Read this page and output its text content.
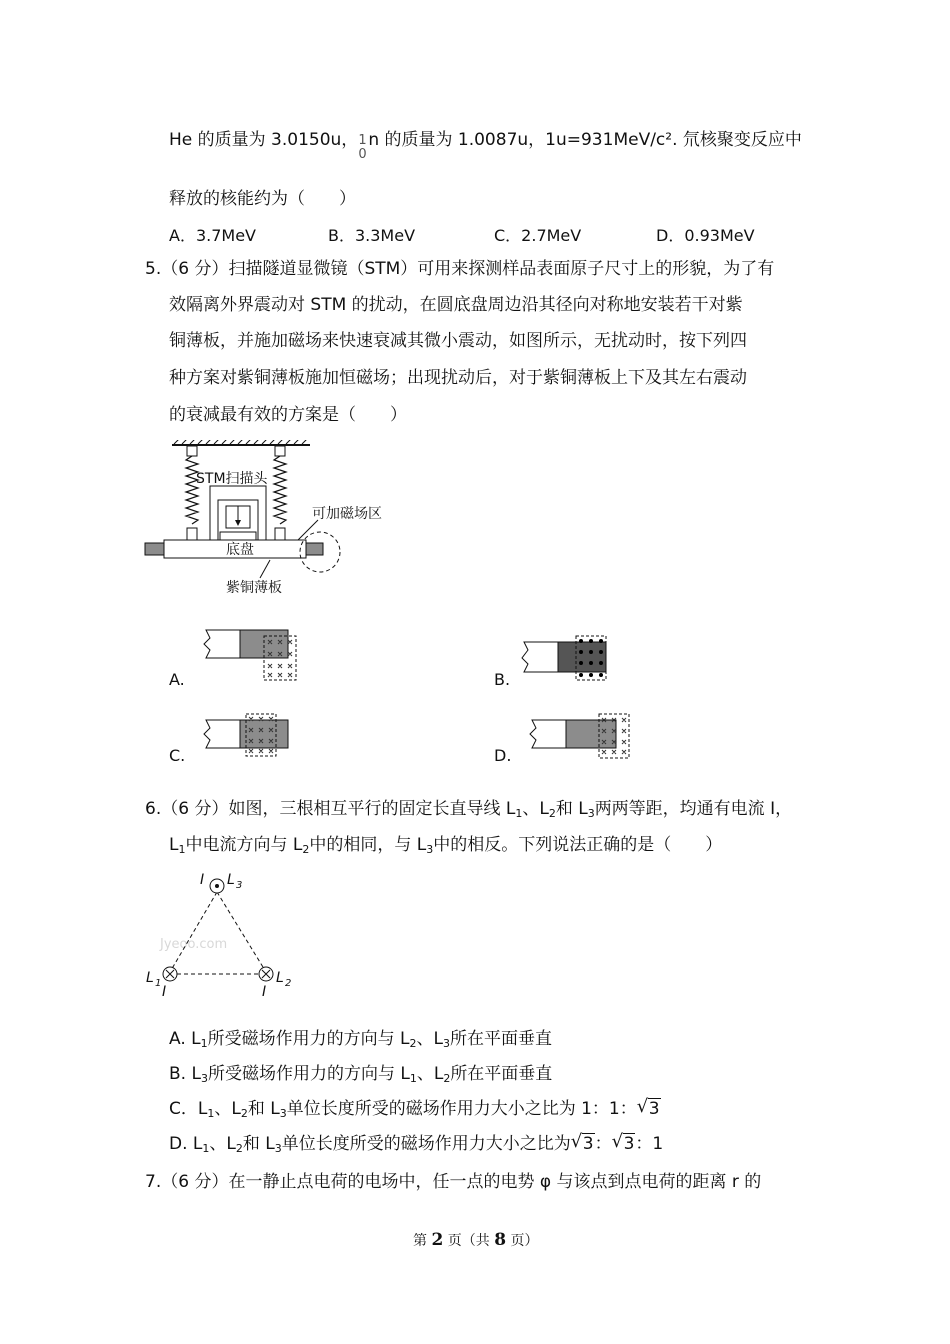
He 的质量为 3.0150u， 1
0
n 的质量为 1.0087u，1u=931MeV/c². 氘核聚变反应中
释放的核能约为（　　）
A．3.7MeV	B．3.3MeV	C．2.7MeV	D．0.93MeV
5.（6 分）扫描隧道显微镜（STM）可用来探测样品表面原子尺寸上的形貌，为了有
效隔离外界震动对 STM 的扰动，在圆底盘周边沿其径向对称地安装若干对紫
铜薄板，并施加磁场来快速衰减其微小震动，如图所示，无扰动时，按下列四
种方案对紫铜薄板施加恒磁场；出现扰动后，对于紫铜薄板上下及其左右震动
的衰减最有效的方案是（　　）
STM扫描头
底盘
可加磁场区
紫铜薄板
A.	B.
C.	D.
6.（6 分）如图，三根相互平行的固定长直导线 $L_1$、$L_2$和 $L_3$两两等距，均通有电流 I，
$L_1$中电流方向与 $L_2$中的相同，与 $L_3$中的相反。下列说法正确的是（　　）
Jyeoo.com
I L 3
L 1
I
L 2
I
A. $L_1$所受磁场作用力的方向与 $L_2$、$L_3$所在平面垂直
B. $L_3$所受磁场作用力的方向与 $L_1$、$L_2$所在平面垂直
C．$L_1$、$L_2$和 $L_3$单位长度所受的磁场作用力大小之比为 1：1： √ 3
D. $L_1$、$L_2$和 $L_3$单位长度所受的磁场作用力大小之比为 √ 3： √ 3：1
7.（6 分）在一静止点电荷的电场中，任一点的电势 φ 与该点到点电荷的距离 r 的
第 2 页（共 8 页）
